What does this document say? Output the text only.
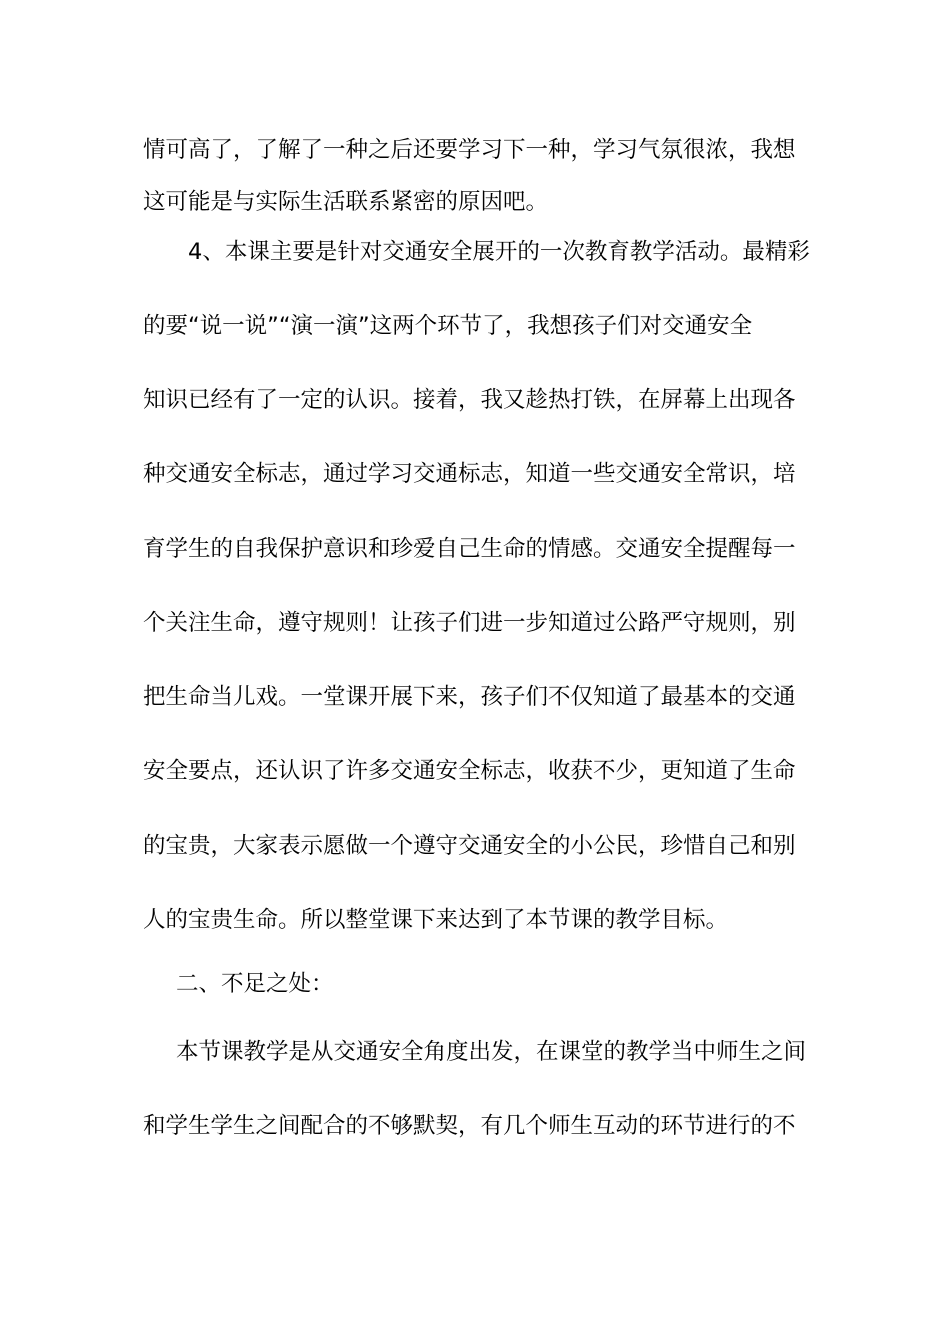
情可高了，了解了一种之后还要学习下一种，学习气氛很浓，我想
这可能是与实际生活联系紧密的原因吧。
4、本课主要是针对交通安全展开的一次教育教学活动。最精彩
的要“说一说”“演一演”这两个环节了，我想孩子们对交通安全
知识已经有了一定的认识。接着，我又趁热打铁，在屏幕上出现各
种交通安全标志，通过学习交通标志，知道一些交通安全常识，培
育学生的自我保护意识和珍爱自己生命的情感。交通安全提醒每一
个关注生命，遵守规则！让孩子们进一步知道过公路严守规则，别
把生命当儿戏。一堂课开展下来，孩子们不仅知道了最基本的交通
安全要点，还认识了许多交通安全标志，收获不少，更知道了生命
的宝贵，大家表示愿做一个遵守交通安全的小公民，珍惜自己和别
人的宝贵生命。所以整堂课下来达到了本节课的教学目标。
二、不足之处：
本节课教学是从交通安全角度出发，在课堂的教学当中师生之间
和学生学生之间配合的不够默契，有几个师生互动的环节进行的不
